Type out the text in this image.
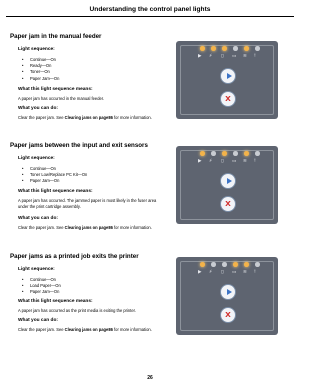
Understanding the control panel lights
Paper jam in the manual feeder
Light sequence:
• Continue—On
• Ready—On
• Toner—On
• Paper Jam—On
What this light sequence means:
A paper jam has occurred in the manual feeder.
What you can do:
Clear the paper jam. See Clearing jams on page86 for more information.
▶ ⚡ ▯ ▭ ≋ !
X
Paper jams between the input and exit sensors
Light sequence:
• Continue—On
• Toner Low/Replace PC Kit—On
• Paper Jam—On
What this light sequence means:
A paper jam has occurred. The jammed paper is most likely in the fuser area under the print cartridge assembly.
What you can do:
Clear the paper jam. See Clearing jams on page86 for more information.
▶ ⚡ ▯ ▭ ≋ !
X
Paper jams as a printed job exits the printer
Light sequence:
• Continue—On
• Load Paper—On
• Paper Jam—On
What this light sequence means:
A paper jam has occurred as the print media is exiting the printer.
What you can do:
Clear the paper jam. See Clearing jams on page86 for more information.
▶ ⚡ ▯ ▭ ≋ !
X
26
